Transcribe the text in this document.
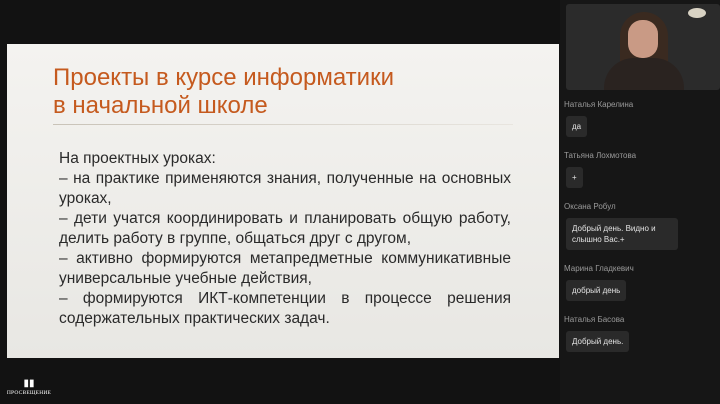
Проекты в курсе информатики
в начальной школе

На проектных уроках:

– на практике применяются знания, полученные на основных уроках,

– дети учатся координировать и планировать общую работу, делить работу в группе, общаться друг с другом,

– активно формируются метапредметные коммуникативные универсальные учебные действия,

– формируются ИКТ-компетенции в процессе решения содержательных практических задач.

▮▮
ПРОСВЕЩЕНИЕ
Наталья Карелина
да
Татьяна Лохмотова
+
Оксана Робул
Добрый день. Видно и слышно Вас.+
Марина Гладкевич
добрый день
Наталья Басова
Добрый день.
